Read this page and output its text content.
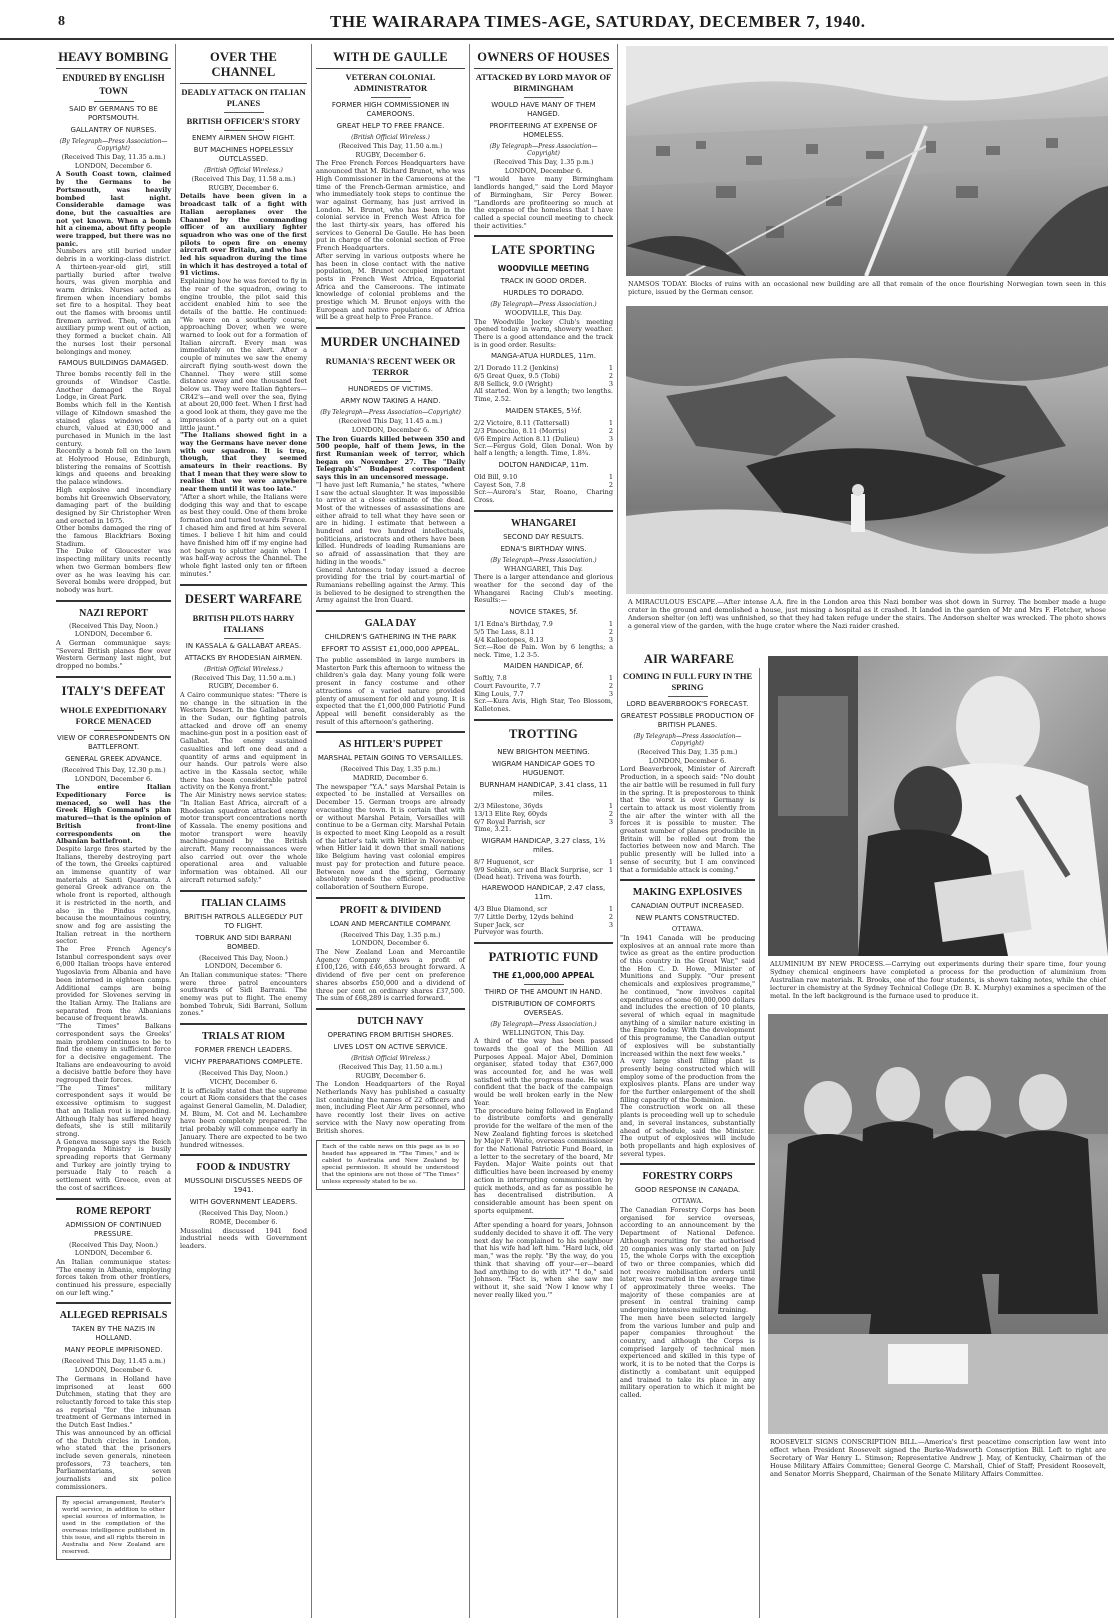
8	THE WAIRARAPA TIMES-AGE, SATURDAY, DECEMBER 7, 1940.
HEAVY BOMBING
ENDURED BY ENGLISH TOWN
SAID BY GERMANS TO BE PORTSMOUTH.
GALLANTRY OF NURSES.
(By Telegraph—Press Association—Copyright)
(Received This Day, 11.35 a.m.)
LONDON, December 6.

A South Coast town, claimed by the Germans to be Portsmouth, was heavily bombed last night. Considerable damage was done, but the casualties are not yet known. When a bomb hit a cinema, about fifty people were trapped, but there was no panic.

Numbers are still buried under debris in a working-class district. A thirteen-year-old girl, still partially buried after twelve hours, was given morphia and warm drinks. Nurses acted as firemen when incendiary bombs set fire to a hospital. They beat out the flames with brooms until firemen arrived. Then, with an auxiliary pump went out of action, they formed a bucket chain. All the nurses lost their personal belongings and money.

FAMOUS BUILDINGS DAMAGED.

Three bombs recently fell in the grounds of Windsor Castle. Another damaged the Royal Lodge, in Great Park.

Bombs which fell in the Kentish village of Kilndown smashed the stained glass windows of a church, valued at £30,000 and purchased in Munich in the last century.

Recently a bomb fell on the lawn at Holyrood House, Edinburgh, blistering the remains of Scottish kings and queens and breaking the palace windows.

High explosive and incendiary bombs hit Greenwich Observatory, damaging part of the building designed by Sir Christopher Wren and erected in 1675.

Other bombs damaged the ring of the famous Blackfriars Boxing Stadium.

The Duke of Gloucester was inspecting military units recently when two German bombers flew over as he was leaving his car. Several bombs were dropped, but nobody was hurt.

NAZI REPORT
(Received This Day, Noon.)
LONDON, December 6.

A German communique says: "Several British planes flew over Western Germany last night, but dropped no bombs."

ITALY'S DEFEAT
WHOLE EXPEDITIONARY FORCE MENACED
VIEW OF CORRESPONDENTS ON BATTLEFRONT.
GENERAL GREEK ADVANCE.
(Received This Day, 12.30 p.m.)
LONDON, December 6.

The entire Italian Expeditionary Force is menaced, so well has the Greek High Command's plan matured—that is the opinion of British front-line correspondents on the Albanian battlefront.

Despite large fires started by the Italians, thereby destroying part of the town, the Greeks captured an immense quantity of war materials at Santi Quaranta. A general Greek advance on the whole front is reported, although it is restricted in the north, and also in the Pindus regions, because the mountainous country, snow and fog are assisting the Italian retreat in the northern sector.

The Free French Agency's Istanbul correspondent says over 6,000 Italian troops have entered Yugoslavia from Albania and have been interned in eighteen camps. Additional camps are being provided for Slovenes serving in the Italian Army. The Italians are separated from the Albanians because of frequent brawls.

"The Times" Balkans correspondent says the Greeks' main problem continues to be to find the enemy in sufficient force for a decisive engagement. The Italians are endeavouring to avoid a decisive battle before they have regrouped their forces.

"The Times" military correspondent says it would be excessive optimism to suggest that an Italian rout is impending. Although Italy has suffered heavy defeats, she is still militarily strong.

A Geneva message says the Reich Propaganda Ministry is busily spreading reports that Germany and Turkey are jointly trying to persuade Italy to reach a settlement with Greece, even at the cost of sacrifices.

ROME REPORT
ADMISSION OF CONTINUED PRESSURE.
(Received This Day, Noon.)
LONDON, December 6.

An Italian communique states: "The enemy in Albania, employing forces taken from other frontiers, continued his pressure, especially on our left wing."

ALLEGED REPRISALS
TAKEN BY THE NAZIS IN HOLLAND.
MANY PEOPLE IMPRISONED.
(Received This Day, 11.45 a.m.)
LONDON, December 6.

The Germans in Holland have imprisoned at least 600 Dutchmen, stating that they are reluctantly forced to take this step as reprisal "for the inhuman treatment of Germans interned in the Dutch East Indies."

This was announced by an official of the Dutch circles in London, who stated that the prisoners include seven generals, nineteen professors, 73 teachers, ten Parliamentarians, seven journalists and six police commissioners.

By special arrangement, Reuter's world service, in addition to other special sources of information, is used in the compilation of the overseas intelligence published in this issue, and all rights therein in Australia and New Zealand are reserved.
OVER THE CHANNEL
DEADLY ATTACK ON ITALIAN PLANES
BRITISH OFFICER'S STORY
ENEMY AIRMEN SHOW FIGHT.
BUT MACHINES HOPELESSLY OUTCLASSED.
(British Official Wireless.)
(Received This Day, 11.58 a.m.)
RUGBY, December 6.

Details have been given in a broadcast talk of a fight with Italian aeroplanes over the Channel by the commanding officer of an auxiliary fighter squadron who was one of the first pilots to open fire on enemy aircraft over Britain, and who has led his squadron during the time in which it has destroyed a total of 91 victims.

Explaining how he was forced to fly in the rear of the squadron, owing to engine trouble, the pilot said this accident enabled him to see the details of the battle. He continued: "We were on a southerly course, approaching Dover, when we were warned to look out for a formation of Italian aircraft. Every man was immediately on the alert. After a couple of minutes we saw the enemy aircraft flying south-west down the Channel. They were still some distance away and one thousand feet below us. They were Italian fighters—CR42's—and well over the sea, flying at about 20,000 feet. When I first had a good look at them, they gave me the impression of a party out on a quiet little jaunt."

"The Italians showed fight in a way the Germans have never done with our squadron. It is true, though, that they seemed amateurs in their reactions. By that I mean that they were slow to realise that we were anywhere near them until it was too late."

"After a short while, the Italians were dodging this way and that to escape as best they could. One of them broke formation and turned towards France. I chased him and fired at him several times. I believe I hit him and could have finished him off if my engine had not begun to splutter again when I was half-way across the Channel. The whole fight lasted only ten or fifteen minutes."

DESERT WARFARE
BRITISH PILOTS HARRY ITALIANS
IN KASSALA & GALLABAT AREAS.
ATTACKS BY RHODESIAN AIRMEN.
(British Official Wireless.)
(Received This Day, 11.50 a.m.)
RUGBY, December 6.

A Cairo communique states: "There is no change in the situation in the Western Desert. In the Gallabat area, in the Sudan, our fighting patrols attacked and drove off an enemy machine-gun post in a position east of Gallabat. The enemy sustained casualties and left one dead and a quantity of arms and equipment in our hands. Our patrols were also active in the Kassala sector, while there has been considerable patrol activity on the Kenya front."

The Air Ministry news service states: "In Italian East Africa, aircraft of a Rhodesian squadron attacked enemy motor transport concentrations north of Kassala. The enemy positions and motor transport were heavily machine-gunned by the British aircraft. Many reconnaissances were also carried out over the whole operational area and valuable information was obtained. All our aircraft returned safely."

ITALIAN CLAIMS
BRITISH PATROLS ALLEGEDLY PUT TO FLIGHT.
TOBRUK AND SIDI BARRANI BOMBED.
(Received This Day, Noon.)
LONDON, December 6.

An Italian communique states: "There were three patrol encounters southwards of Sidi Barrani. The enemy was put to flight. The enemy bombed Tobruk, Sidi Barrani, Sollum zones."

TRIALS AT RIOM
FORMER FRENCH LEADERS.
VICHY PREPARATIONS COMPLETE.
(Received This Day, Noon.)
VICHY, December 6.

It is officially stated that the supreme court at Riom considers that the cases against General Gamelin, M. Daladier, M. Blum, M. Cot and M. Lechambre have been completely prepared. The trial probably will commence early in January. There are expected to be two hundred witnesses.

FOOD & INDUSTRY
MUSSOLINI DISCUSSES NEEDS OF 1941.
WITH GOVERNMENT LEADERS.
(Received This Day, Noon.)
ROME, December 6.

Mussolini discussed 1941 food industrial needs with Government leaders.

WITH DE GAULLE
VETERAN COLONIAL ADMINISTRATOR
FORMER HIGH COMMISSIONER IN CAMEROONS.
GREAT HELP TO FREE FRANCE.
(British Official Wireless.)
(Received This Day, 11.50 a.m.)
RUGBY, December 6.

The Free French Forces Headquarters have announced that M. Richard Brunot, who was High Commissioner in the Cameroons at the time of the French-German armistice, and who immediately took steps to continue the war against Germany, has just arrived in London. M. Brunot, who has been in the colonial service in French West Africa for the last thirty-six years, has offered his services to General De Gaulle. He has been put in charge of the colonial section of Free French Headquarters.

After serving in various outposts where he has been in close contact with the native population, M. Brunot occupied important posts in French West Africa, Equatorial Africa and the Cameroons. The intimate knowledge of colonial problems and the prestige which M. Brunot enjoys with the European and native populations of Africa will be a great help to Free France.

MURDER UNCHAINED
RUMANIA'S RECENT WEEK OR TERROR
HUNDREDS OF VICTIMS.
ARMY NOW TAKING A HAND.
(By Telegraph—Press Association—Copyright)
(Received This Day, 11.45 a.m.)
LONDON, December 6.

The Iron Guards killed between 350 and 500 people, half of them Jews, in the first Rumanian week of terror, which began on November 27. The "Daily Telegraph's" Budapest correspondent says this in an uncensored message.

"I have just left Rumania," he states, "where I saw the actual slaughter. It was impossible to arrive at a close estimate of the dead. Most of the witnesses of assassinations are either afraid to tell what they have seen or are in hiding. I estimate that between a hundred and two hundred intellectuals, politicians, aristocrats and others have been killed. Hundreds of leading Rumanians are so afraid of assassination that they are hiding in the woods."

General Antonescu today issued a decree providing for the trial by court-martial of Rumanians rebelling against the Army. This is believed to be designed to strengthen the Army against the Iron Guard.

GALA DAY
CHILDREN'S GATHERING IN THE PARK
EFFORT TO ASSIST £1,000,000 APPEAL.

The public assembled in large numbers in Masterton Park this afternoon to witness the children's gala day. Many young folk were present in fancy costume and other attractions of a varied nature provided plenty of amusement for old and young. It is expected that the £1,000,000 Patriotic Fund Appeal will benefit considerably as the result of this afternoon's gathering.

AS HITLER'S PUPPET
MARSHAL PETAIN GOING TO VERSAILLES.
(Received This Day, 1.35 p.m.)
MADRID, December 6.

The newspaper "Y.A." says Marshal Petain is expected to be installed at Versailles on December 15. German troops are already evacuating the town. It is certain that with or without Marshal Petain, Versailles will continue to be a German city. Marshal Petain is expected to meet King Leopold as a result of the latter's talk with Hitler in November, when Hitler laid it down that small nations like Belgium having vast colonial empires must pay for protection and future peace. Between now and the spring, Germany absolutely needs the efficient productive collaboration of Southern Europe.

PROFIT & DIVIDEND
LOAN AND MERCANTILE COMPANY.
(Received This Day, 1.35 p.m.)
LONDON, December 6.

The New Zealand Loan and Mercantile Agency Company shows a profit of £100,126, with £46,653 brought forward. A dividend of five per cent on preference shares absorbs £50,000 and a dividend of three per cent on ordinary shares £37,500. The sum of £68,289 is carried forward.

DUTCH NAVY
OPERATING FROM BRITISH SHORES.
LIVES LOST ON ACTIVE SERVICE.
(British Official Wireless.)
(Received This Day, 11.50 a.m.)
RUGBY, December 6.

The London Headquarters of the Royal Netherlands Navy has published a casualty list containing the names of 22 officers and men, including Fleet Air Arm personnel, who have recently lost their lives on active service with the Navy now operating from British shores.

Each of the cable news on this page as is so headed has appeared in "The Times," and is cabled to Australia and New Zealand by special permission. It should be understood that the opinions are not those of "The Times" unless expressly stated to be so.
OWNERS OF HOUSES
ATTACKED BY LORD MAYOR OF BIRMINGHAM
WOULD HAVE MANY OF THEM HANGED.
PROFITEERING AT EXPENSE OF HOMELESS.
(By Telegraph—Press Association—Copyright)
(Received This Day, 1.35 p.m.)
LONDON, December 6.

"I would have many Birmingham landlords hanged," said the Lord Mayor of Birmingham, Sir Percy Bower. "Landlords are profiteering so much at the expense of the homeless that I have called a special council meeting to check their activities."

LATE SPORTING
WOODVILLE MEETING
TRACK IN GOOD ORDER.
HURDLES TO DORADO.
(By Telegraph—Press Association.)
WOODVILLE, This Day.

The Woodville Jockey Club's meeting opened today in warm, showery weather. There is a good attendance and the track is in good order. Results:

MANGA-ATUA HURDLES, 11m.
2/1 Dorado 11.2 (Jenkins)	1
6/5 Great Quex, 9.5 (Tobi)	2
8/8 Sellick, 9.0 (Wright)	3

All started. Won by a length; two lengths. Time, 2.52.

MAIDEN STAKES, 5½f.
2/2 Victoire, 8.11 (Tattersall)	1
2/3 Pinocchio, 8.11 (Morris)	2
6/6 Empire Action 8.11 (Dulieu)	3

Scr.—Fergus Gold, Glen Donal. Won by half a length; a length. Time, 1.8¾.

DOLTON HANDICAP, 11m.
Old Bill, 9.10	1
Cayest Son, 7.8	2

Scr.—Aurora's Star, Roano, Charing Cross.

WHANGAREI
SECOND DAY RESULTS.
EDNA'S BIRTHDAY WINS.
(By Telegraph—Press Association.)
WHANGAREI, This Day.

There is a larger attendance and glorious weather for the second day of the Whangarei Racing Club's meeting. Results:—

NOVICE STAKES, 5f.
1/1 Edna's Birthday, 7.9	1
5/5 The Lass, 8.11	2
4/4 Kalleotopes, 8.13	3

Scr.—Roe de Pain. Won by 6 lengths; a neck. Time, 1.2 3-5.

MAIDEN HANDICAP, 6f.
Softly, 7.8	1
Court Favourite, 7.7	2
King Louis, 7.7	3

Scr.—Kura Avis, High Star, Teo Blossom, Kalletones.

TROTTING
NEW BRIGHTON MEETING.
WIGRAM HANDICAP GOES TO HUGUENOT.
BURNHAM HANDICAP, 3.41 class, 11 miles.
2/3 Milestone, 36yds	1
13/13 Elite Rey, 60yds	2
6/7 Royal Parrish, scr	3

Time, 3.21.

WIGRAM HANDICAP, 3.27 class, 1½ miles.
8/7 Huguenot, scr	1
9/9 Sobkin, scr and Black Surprise, scr 1

(Dead heat). Trivena was fourth.

HAREWOOD HANDICAP, 2.47 class, 11m.
4/3 Blue Diamond, scr	1
7/7 Little Derby, 12yds behind	2
Super Jack, scr	3

Purveyor was fourth.

PATRIOTIC FUND
THE £1,000,000 APPEAL
THIRD OF THE AMOUNT IN HAND.
DISTRIBUTION OF COMFORTS OVERSEAS.
(By Telegraph—Press Association.)
WELLINGTON, This Day.

A third of the way has been passed towards the goal of the Million All Purposes Appeal. Major Abel, Dominion organiser, stated today that £367,000 was accounted for, and he was well satisfied with the progress made. He was confident that the back of the campaign would be well broken early in the New Year.

The procedure being followed in England to distribute comforts and generally provide for the welfare of the men of the New Zealand fighting forces is sketched by Major F. Waite, overseas commissioner for the National Patriotic Fund Board, in a letter to the secretary of the board, Mr Fayden. Major Waite points out that difficulties have been increased by enemy action in interrupting communication by quick methods, and as far as possible he has decentralised distribution. A considerable amount has been spent on sports equipment.

After spending a hoard for years, Johnson suddenly decided to shave it off. The very next day he complained to his neighbour that his wife had left him. "Hard luck, old man," was the reply. "By the way, do you think that shaving off your—er—beard had anything to do with it?" "I do," said Johnson. "Fact is, when she saw me without it, she said 'Now I know why I never really liked you.'"

NAMSOS TODAY. Blocks of ruins with an occasional new building are all that remain of the once flourishing Norwegian town seen in this picture, issued by the German censor.
A MIRACULOUS ESCAPE.—After intense A.A. fire in the London area this Nazi bomber was shot down in Surrey. The bomber made a huge crater in the ground and demolished a house, just missing a hospital as it crashed. It landed in the garden of Mr and Mrs F. Fletcher, whose Anderson shelter (on left) was unfinished, so that they had taken refuge under the stairs. The Anderson shelter was wrecked. The photo shows a general view of the garden, with the huge crater where the Nazi raider crashed.
AIR WARFARE
COMING IN FULL FURY IN THE SPRING
LORD BEAVERBROOK'S FORECAST.
GREATEST POSSIBLE PRODUCTION OF BRITISH PLANES.
(By Telegraph—Press Association—Copyright)
(Received This Day, 1.35 p.m.)
LONDON, December 6.

Lord Beaverbrook, Minister of Aircraft Production, in a speech said: "No doubt the air battle will be resumed in full fury in the spring. It is preposterous to think that the worst is over. Germany is certain to attack us most violently from the air after the winter with all the forces it is possible to muster. The greatest number of planes producible in Britain will be rolled out from the factories between now and March. The public presently will be lulled into a sense of security, but I am convinced that a formidable attack is coming."

MAKING EXPLOSIVES
CANADIAN OUTPUT INCREASED.
NEW PLANTS CONSTRUCTED.
OTTAWA.

"In 1941 Canada will be producing explosives at an annual rate more than twice as great as the entire production of this country in the Great War," said the Hon C. D. Howe, Minister of Munitions and Supply. "Our present chemicals and explosives programme," he continued, "now involves capital expenditures of some 60,000,000 dollars and includes the erection of 10 plants, several of which equal in magnitude anything of a similar nature existing in the Empire today. With the development of this programme, the Canadian output of explosives will be substantially increased within the next few weeks."

A very large shell filling plant is presently being constructed which will employ some of the production from the explosives plants. Plans are under way for the further enlargement of the shell filling capacity of the Dominion.

The construction work on all these plants is proceeding well up to schedule and, in several instances, substantially ahead of schedule, said the Minister. The output of explosives will include both propellants and high explosives of several types.

FORESTRY CORPS
GOOD RESPONSE IN CANADA.
OTTAWA.

The Canadian Forestry Corps has been organised for service overseas, according to an announcement by the Department of National Defence. Although recruiting for the authorised 20 companies was only started on July 15, the whole Corps with the exception of two or three companies, which did not receive mobilisation orders until later, was recruited in the average time of approximately three weeks. The majority of these companies are at present in central training camp undergoing intensive military training.

The men have been selected largely from the various lumber and pulp and paper companies throughout the country, and although the Corps is comprised largely of technical men experienced and skilled in this type of work, it is to be noted that the Corps is distinctly a combatant unit equipped and trained to take its place in any military operation to which it might be called.

ALUMINIUM BY NEW PROCESS.—Carrying out experiments during their spare time, four young Sydney chemical engineers have completed a process for the production of aluminium from Australian raw materials. R. Brooks, one of the four students, is shown taking notes, while the chief lecturer in chemistry at the Sydney Technical College (Dr. B. K. Murphy) examines a specimen of the metal. In the left background is the furnace used to produce it.
ROOSEVELT SIGNS CONSCRIPTION BILL.—America's first peacetime conscription law went into effect when President Roosevelt signed the Burke-Wadsworth Conscription Bill. Left to right are Secretary of War Henry L. Stimson; Representative Andrew J. May, of Kentucky, Chairman of the House Military Affairs Committee; General George C. Marshall, Chief of Staff; President Roosevelt, and Senator Morris Sheppard, Chairman of the Senate Military Affairs Committee.
